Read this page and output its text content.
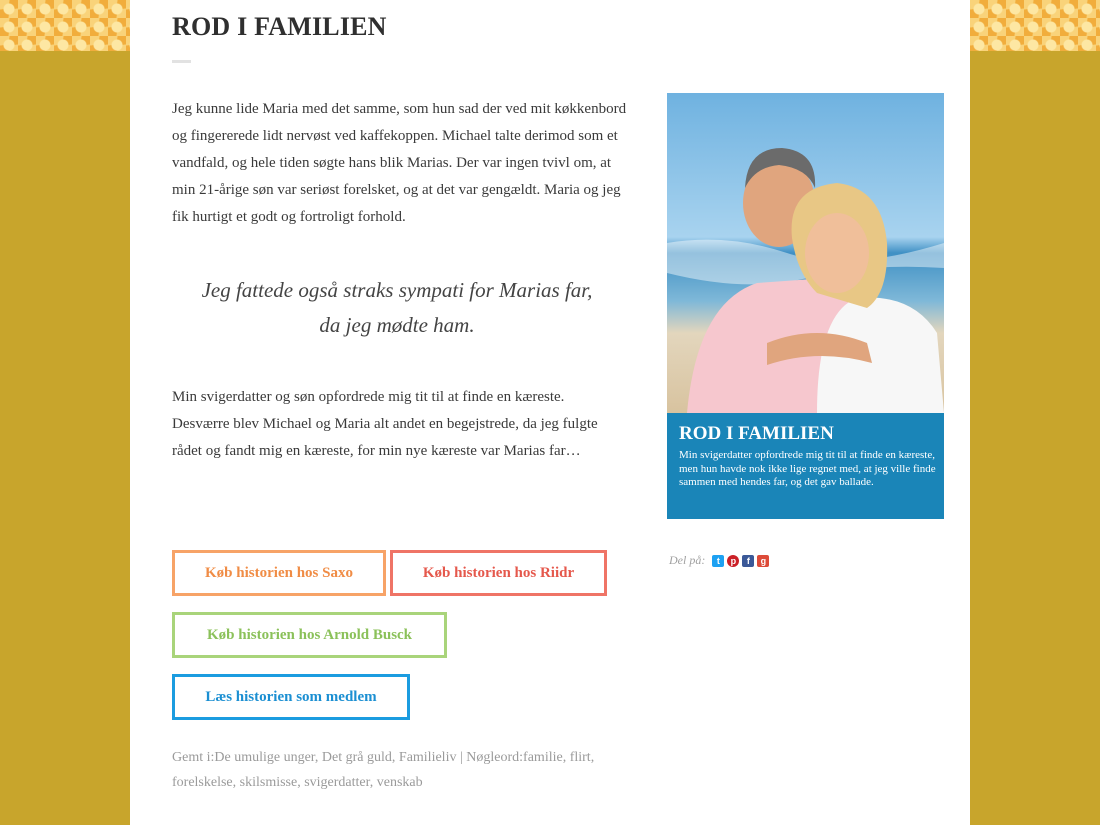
ROD I FAMILIEN

Jeg kunne lide Maria med det samme, som hun sad der ved mit køkkenbord og fingererede lidt nervøst ved kaffekoppen. Michael talte derimod som et vandfald, og hele tiden søgte hans blik Marias. Der var ingen tvivl om, at min 21-årige søn var seriøst forelsket, og at det var gengældt. Maria og jeg fik hurtigt et godt og fortroligt forhold.

Jeg fattede også straks sympati for Marias far,
da jeg mødte ham.

Min svigerdatter og søn opfordrede mig tit til at finde en kæreste. Desværre blev Michael og Maria alt andet en begejstrede, da jeg fulgte rådet og fandt mig en kæreste, for min nye kæreste var Marias far…

Køb historien hos Saxo	Køb historien hos Riidr
Køb historien hos Arnold Busck
Læs historien som medlem
Gemt i:De umulige unger, Det grå guld, Familieliv | Nøgleord:familie, flirt, forelskelse, skilsmisse, svigerdatter, venskab
ROD I FAMILIEN
Min svigerdatter opfordrede mig tit til at finde en kæreste, men hun havde nok ikke lige regnet med, at jeg ville finde sammen med hendes far, og det gav ballade.
Del på:	t	p	f	g
